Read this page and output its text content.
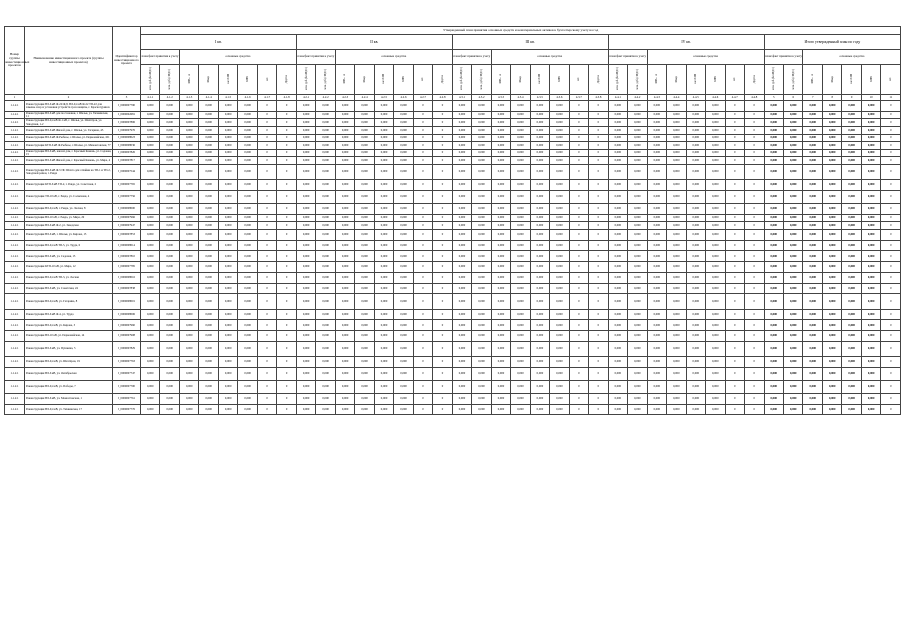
Номер группы инвестиционных проектов	Наименование инвестиционного проекта (группы инвестиционных проектов)	Идентификатор инвестиционного проекта	Утвержденный план принятия основных средств и нематериальных активов к бухгалтерскому учету на год																																						
			I кв.								II кв.								III кв.								IV кв.								Итого утвержденный план по году						
			план/факт принятия к учету		основные средства						план/факт принятия к учету		основные средства						план/факт принятия к учету		основные средства						план/факт принятия к учету		основные средства						план/факт принятия к учету		основные средства				
			млн. руб.(без НДС)	млн. руб.(с НДС)	МВ×А	Мвар	км ЛЭП	МВт	шт.	Другое	млн. руб.(без НДС)	млн. руб.(с НДС)	МВ×А	Мвар	км ЛЭП	МВт	шт.	Другое	млн. руб.(без НДС)	млн. руб.(с НДС)	МВ×А	Мвар	км ЛЭП	МВт	шт.	Другое	млн. руб.(без НДС)	млн. руб.(с НДС)	МВ×А	Мвар	км ЛЭП	МВт	шт.	Другое	млн. руб.(без НДС)	млн. руб.(с НДС)	МВ×А	Мвар	км ЛЭП	МВт	шт.
1	2	3	4.1.1	4.1.2	4.1.3	4.1.4	4.1.5	4.1.6	4.1.7	4.1.8	4.2.1	4.2.2	4.2.3	4.2.4	4.2.5	4.2.6	4.2.7	4.2.8	4.3.1	4.3.2	4.3.3	4.3.4	4.3.5	4.3.6	4.3.7	4.3.8	4.4.1	4.4.2	4.4.3	4.4.4	4.4.5	4.4.6	4.4.7	4.4.8	5	6	7	8	9	10	11
1.1.2.1	Реконструкция ВЛ-6 кВ Ф-22/Ф-8, ВЛ-0,4 кВ Ф-22 ТП-22 для замены опор и установки устройств грозозащиты, г. Краснотуринск	J_0000007790	0,000	0,000	0,000	0,000	0,000	0,000	0	0	0,000	0,000	0,000	0,000	0,000	0,000	0	0	0,000	0,000	0,000	0,000	0,000	0,000	0	0	0,000	0,000	0,000	0,000	0,000	0,000	0	0	0,000	0,000	0,000	0,000	0,000	0,000	0
1.1.2.1	Реконструкция ВЛ-6 кВ для постановки, г. Шалья, ул. Тихвинская, 11	J_0000002681	0,000	0,000	0,000	0,000	0,000	0,000	0	0	0,000	0,000	0,000	0,000	0,000	0,000	0	0	0,000	0,000	0,000	0,000	0,000	0,000	0	0	0,000	0,000	0,000	0,000	0,000	0,000	0	0	0,000	0,000	0,000	0,000	0,000	0,000	0
1.1.2.1	Реконструкция ВЛ-0,4 кВ Ф-1 кВ, г. Шалья, ул. Шахтёров, ул. Заводская, 1-2	J_0000007806	0,000	0,000	0,000	0,000	0,000	0,000	0	0	0,000	0,000	0,000	0,000	0,000	0,000	0	0	0,000	0,000	0,000	0,000	0,000	0,000	0	0	0,000	0,000	0,000	0,000	0,000	0,000	0	0	0,000	0,000	0,000	0,000	0,000	0,000	0
1.1.2.1	Реконструкция ВЛ-6 кВ Жилой дом, г. Шалья, ул. Гагарина, 45	J_0000007976	0,000	0,000	0,000	0,000	0,000	0,000	0	0	0,000	0,000	0,000	0,000	0,000	0,000	0	0	0,000	0,000	0,000	0,000	0,000	0,000	0	0	0,000	0,000	0,000	0,000	0,000	0,000	0	0	0,000	0,000	0,000	0,000	0,000	0,000	0
1.1.2.1	Реконструкция ВЛ-6 кВ Ф-Рыбное, г. Шалья, ул. Первомайская, 101	J_0000008023	0,000	0,000	0,000	0,000	0,000	0,000	0	0	0,000	0,000	0,000	0,000	0,000	0,000	0	0	0,000	0,000	0,000	0,000	0,000	0,000	0	0	0,000	0,000	0,000	0,000	0,000	0,000	0	0	0,000	0,000	0,000	0,000	0,000	0,000	0
1.1.2.1	Реконструкция КТП-6 кВ Ф-Рыбное, г. Шалья, ул. Мамонтовская, 77	J_0000008036	0,000	0,000	0,000	0,000	0,000	0,000	0	0	0,000	0,000	0,000	0,000	0,000	0,000	0	0	0,000	0,000	0,000	0,000	0,000	0,000	0	0	0,000	0,000	0,000	0,000	0,000	0,000	0	0	0,000	0,000	0,000	0,000	0,000	0,000	0
1.1.2.1	Реконструкция ВЛ-6 кВ, жилой дом, г. Красный Камень, ул. Садовая, 15	J_0000007826	0,000	0,000	0,000	0,000	0,000	0,000	0	0	0,000	0,000	0,000	0,000	0,000	0,000	0	0	0,000	0,000	0,000	0,000	0,000	0,000	0	0	0,000	0,000	0,000	0,000	0,000	0,000	0	0	0,000	0,000	0,000	0,000	0,000	0,000	0
1.1.2.1	Реконструкция ВЛ-6 кВ Жилой дом, г. Красный Камень, ул. Мира, 4	J_0000007817	0,000	0,000	0,000	0,000	0,000	0,000	0	0	0,000	0,000	0,000	0,000	0,000	0,000	0	0	0,000	0,000	0,000	0,000	0,000	0,000	0	0	0,000	0,000	0,000	0,000	0,000	0,000	0	0	0,000	0,000	0,000	0,000	0,000	0,000	0
1.1.2.1	Реконструкция ВЛ-6 кВ Ф-5 ПС Шахта для отпайки на ТП-1 и ТП-2, Заводской район, г. Ревда	J_0000007544	0,000	0,000	0,000	0,000	0,000	0,000	0	0	0,000	0,000	0,000	0,000	0,000	0,000	0	0	0,000	0,000	0,000	0,000	0,000	0,000	0	0	0,000	0,000	0,000	0,000	0,000	0,000	0	0	0,000	0,000	0,000	0,000	0,000	0,000	0
1.1.2.1	Реконструкция КТП-6 кВ ТП-2, г. Ревда, ул. Советская, 2	J_0000007765	0,000	0,000	0,000	0,000	0,000	0,000	0	0	0,000	0,000	0,000	0,000	0,000	0,000	0	0	0,000	0,000	0,000	0,000	0,000	0,000	0	0	0,000	0,000	0,000	0,000	0,000	0,000	0	0	0,000	0,000	0,000	0,000	0,000	0,000	0
1.1.2.1	Реконструкция ТП-10 кВ, г. Ревда, ул. Солнечная, 4	J_0000007756	0,000	0,000	0,000	0,000	0,000	0,000	0	0	0,000	0,000	0,000	0,000	0,000	0,000	0	0	0,000	0,000	0,000	0,000	0,000	0,000	0	0	0,000	0,000	0,000	0,000	0,000	0,000	0	0	0,000	0,000	0,000	0,000	0,000	0,000	0
1.1.2.1	Реконструкция ВЛ-0,4 кВ, г. Ревда, ул. Лесная, 8	J_0000008000	0,000	0,000	0,000	0,000	0,000	0,000	0	0	0,000	0,000	0,000	0,000	0,000	0,000	0	0	0,000	0,000	0,000	0,000	0,000	0,000	0	0	0,000	0,000	0,000	0,000	0,000	0,000	0	0	0,000	0,000	0,000	0,000	0,000	0,000	0
1.1.2.1	Реконструкция ВЛ-10 кВ, г. Ревда, ул. Мира, 29	J_0000007966	0,000	0,000	0,000	0,000	0,000	0,000	0	0	0,000	0,000	0,000	0,000	0,000	0,000	0	0	0,000	0,000	0,000	0,000	0,000	0,000	0	0	0,000	0,000	0,000	0,000	0,000	0,000	0	0	0,000	0,000	0,000	0,000	0,000	0,000	0
1.1.2.1	Реконструкция ВЛ-6 кВ Ф-2, ул. Заводская	J_0000007947	0,000	0,000	0,000	0,000	0,000	0,000	0	0	0,000	0,000	0,000	0,000	0,000	0,000	0	0	0,000	0,000	0,000	0,000	0,000	0,000	0	0	0,000	0,000	0,000	0,000	0,000	0,000	0	0	0,000	0,000	0,000	0,000	0,000	0,000	0
1.1.2.1	Реконструкция ВЛ-6 кВ, г. Шалья, ул. Кирова, 15	J_0000007853	0,000	0,000	0,000	0,000	0,000	0,000	0	0	0,000	0,000	0,000	0,000	0,000	0,000	0	0	0,000	0,000	0,000	0,000	0,000	0,000	0	0	0,000	0,000	0,000	0,000	0,000	0,000	0	0	0,000	0,000	0,000	0,000	0,000	0,000	0
1.1.2.1	Реконструкция ВЛ-0,4 кВ ТП-5, ул. Труда, 6	J_0000008014	0,000	0,000	0,000	0,000	0,000	0,000	0	0	0,000	0,000	0,000	0,000	0,000	0,000	0	0	0,000	0,000	0,000	0,000	0,000	0,000	0	0	0,000	0,000	0,000	0,000	0,000	0,000	0	0	0,000	0,000	0,000	0,000	0,000	0,000	0
1.1.2.1	Реконструкция ВЛ-6 кВ, ул. Садовая, 15	J_0000007810	0,000	0,000	0,000	0,000	0,000	0,000	0	0	0,000	0,000	0,000	0,000	0,000	0,000	0	0	0,000	0,000	0,000	0,000	0,000	0,000	0	0	0,000	0,000	0,000	0,000	0,000	0,000	0	0	0,000	0,000	0,000	0,000	0,000	0,000	0
1.1.2.1	Реконструкция КТП-10 кВ, ул. Мира, 12	J_0000007785	0,000	0,000	0,000	0,000	0,000	0,000	0	0	0,000	0,000	0,000	0,000	0,000	0,000	0	0	0,000	0,000	0,000	0,000	0,000	0,000	0	0	0,000	0,000	0,000	0,000	0,000	0,000	0	0	0,000	0,000	0,000	0,000	0,000	0,000	0
1.1.2.1	Реконструкция ВЛ-0,4 кВ ТП-3, ул. Лесная	J_0000008016	0,000	0,000	0,000	0,000	0,000	0,000	0	0	0,000	0,000	0,000	0,000	0,000	0,000	0	0	0,000	0,000	0,000	0,000	0,000	0,000	0	0	0,000	0,000	0,000	0,000	0,000	0,000	0	0	0,000	0,000	0,000	0,000	0,000	0,000	0
1.1.2.1	Реконструкция ВЛ-6 кВ, ул. Советская, 24	J_0000007838	0,000	0,000	0,000	0,000	0,000	0,000	0	0	0,000	0,000	0,000	0,000	0,000	0,000	0	0	0,000	0,000	0,000	0,000	0,000	0,000	0	0	0,000	0,000	0,000	0,000	0,000	0,000	0	0	0,000	0,000	0,000	0,000	0,000	0,000	0
1.1.2.1	Реконструкция ВЛ-0,4 кВ, ул. Гагарина, 8	J_0000008001	0,000	0,000	0,000	0,000	0,000	0,000	0	0	0,000	0,000	0,000	0,000	0,000	0,000	0	0	0,000	0,000	0,000	0,000	0,000	0,000	0	0	0,000	0,000	0,000	0,000	0,000	0,000	0	0	0,000	0,000	0,000	0,000	0,000	0,000	0
1.1.2.1	Реконструкция ВЛ-6 кВ Ф-4, ул. Труда	J_0000008006	0,000	0,000	0,000	0,000	0,000	0,000	0	0	0,000	0,000	0,000	0,000	0,000	0,000	0	0	0,000	0,000	0,000	0,000	0,000	0,000	0	0	0,000	0,000	0,000	0,000	0,000	0,000	0	0	0,000	0,000	0,000	0,000	0,000	0,000	0
1.1.2.1	Реконструкция ВЛ-0,4 кВ, ул. Кирова, 3	J_0000007960	0,000	0,000	0,000	0,000	0,000	0,000	0	0	0,000	0,000	0,000	0,000	0,000	0,000	0	0	0,000	0,000	0,000	0,000	0,000	0,000	0	0	0,000	0,000	0,000	0,000	0,000	0,000	0	0	0,000	0,000	0,000	0,000	0,000	0,000	0
1.1.2.1	Реконструкция ВЛ-10 кВ, ул. Первомайская, 14	J_0000007908	0,000	0,000	0,000	0,000	0,000	0,000	0	0	0,000	0,000	0,000	0,000	0,000	0,000	0	0	0,000	0,000	0,000	0,000	0,000	0,000	0	0	0,000	0,000	0,000	0,000	0,000	0,000	0	0	0,000	0,000	0,000	0,000	0,000	0,000	0
1.1.2.1	Реконструкция ВЛ-6 кВ, ул. Пушкина, 5	J_0000007829	0,000	0,000	0,000	0,000	0,000	0,000	0	0	0,000	0,000	0,000	0,000	0,000	0,000	0	0	0,000	0,000	0,000	0,000	0,000	0,000	0	0	0,000	0,000	0,000	0,000	0,000	0,000	0	0	0,000	0,000	0,000	0,000	0,000	0,000	0
1.1.2.1	Реконструкция ВЛ-0,4 кВ, ул. Шахтёров, 19	J_0000007763	0,000	0,000	0,000	0,000	0,000	0,000	0	0	0,000	0,000	0,000	0,000	0,000	0,000	0	0	0,000	0,000	0,000	0,000	0,000	0,000	0	0	0,000	0,000	0,000	0,000	0,000	0,000	0	0	0,000	0,000	0,000	0,000	0,000	0,000	0
1.1.2.1	Реконструкция ВЛ-6 кВ, ул. Октябрьская	J_0000007747	0,000	0,000	0,000	0,000	0,000	0,000	0	0	0,000	0,000	0,000	0,000	0,000	0,000	0	0	0,000	0,000	0,000	0,000	0,000	0,000	0	0	0,000	0,000	0,000	0,000	0,000	0,000	0	0	0,000	0,000	0,000	0,000	0,000	0,000	0
1.1.2.1	Реконструкция ВЛ-0,4 кВ, ул. Победы, 7	J_0000007700	0,000	0,000	0,000	0,000	0,000	0,000	0	0	0,000	0,000	0,000	0,000	0,000	0,000	0	0	0,000	0,000	0,000	0,000	0,000	0,000	0	0	0,000	0,000	0,000	0,000	0,000	0,000	0	0	0,000	0,000	0,000	0,000	0,000	0,000	0
1.1.2.1	Реконструкция ВЛ-6 кВ, ул. Мамонтовская, 1	J_0000007761	0,000	0,000	0,000	0,000	0,000	0,000	0	0	0,000	0,000	0,000	0,000	0,000	0,000	0	0	0,000	0,000	0,000	0,000	0,000	0,000	0	0	0,000	0,000	0,000	0,000	0,000	0,000	0	0	0,000	0,000	0,000	0,000	0,000	0,000	0
1.1.2.1	Реконструкция ВЛ-0,4 кВ, ул. Тихвинская, 17	J_0000007776	0,000	0,000	0,000	0,000	0,000	0,000	0	0	0,000	0,000	0,000	0,000	0,000	0,000	0	0	0,000	0,000	0,000	0,000	0,000	0,000	0	0	0,000	0,000	0,000	0,000	0,000	0,000	0	0	0,000	0,000	0,000	0,000	0,000	0,000	0
